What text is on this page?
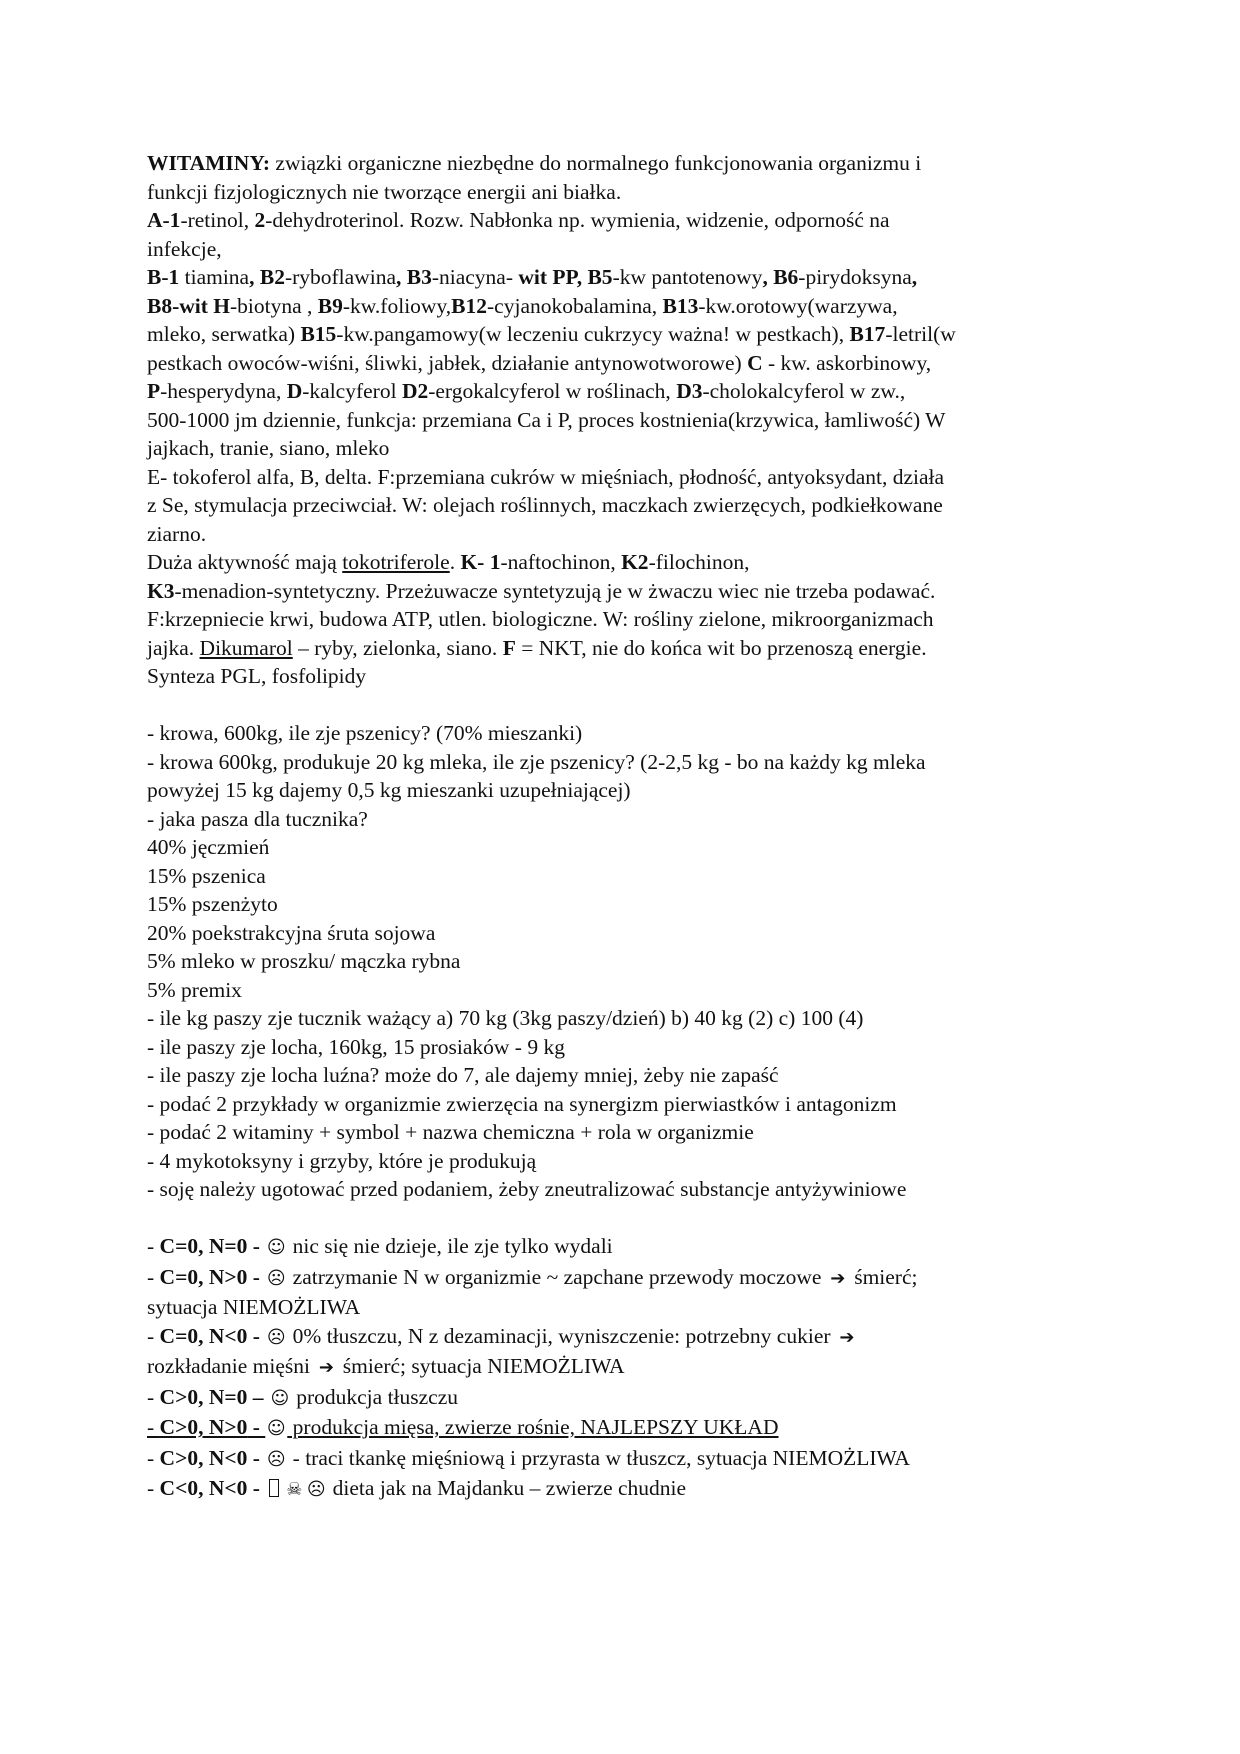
WITAMINY: związki organiczne niezbędne do normalnego funkcjonowania organizmu i
funkcji fizjologicznych nie tworzące energii ani białka.
A-1-retinol, 2-dehydroterinol. Rozw. Nabłonka np. wymienia, widzenie, odporność na
infekcje,
B-1 tiamina, B2-ryboflawina, B3-niacyna- wit PP, B5-kw pantotenowy, B6-pirydoksyna,
B8-wit H-biotyna , B9-kw.foliowy,B12-cyjanokobalamina, B13-kw.orotowy(warzywa,
mleko, serwatka) B15-kw.pangamowy(w leczeniu cukrzycy ważna! w pestkach), B17-letril(w
pestkach owoców-wiśni, śliwki, jabłek, działanie antynowotworowe) C - kw. askorbinowy,
P-hesperydyna, D-kalcyferol D2-ergokalcyferol w roślinach, D3-cholokalcyferol w zw.,
500-1000 jm dziennie, funkcja: przemiana Ca i P, proces kostnienia(krzywica, łamliwość) W
jajkach, tranie, siano, mleko
E- tokoferol alfa, B, delta. F:przemiana cukrów w mięśniach, płodność, antyoksydant, działa
z Se, stymulacja przeciwciał. W: olejach roślinnych, maczkach zwierzęcych, podkiełkowane
ziarno.
Duża aktywność mają tokotriferole. K- 1-naftochinon, K2-filochinon,
K3-menadion-syntetyczny. Przeżuwacze syntetyzują je w żwaczu wiec nie trzeba podawać.
F:krzepniecie krwi, budowa ATP, utlen. biologiczne. W: rośliny zielone, mikroorganizmach
jajka. Dikumarol – ryby, zielonka, siano. F = NKT, nie do końca wit bo przenoszą energie.
Synteza PGL, fosfolipidy
- krowa, 600kg, ile zje pszenicy? (70% mieszanki)
- krowa 600kg, produkuje 20 kg mleka, ile zje pszenicy? (2-2,5 kg - bo na każdy kg mleka
powyżej 15 kg dajemy 0,5 kg mieszanki uzupełniającej)
- jaka pasza dla tucznika?
40% jęczmień
15% pszenica
15% pszenżyto
20% poekstrakcyjna śruta sojowa
5% mleko w proszku/ mączka rybna
5% premix
- ile kg paszy zje tucznik ważący a) 70 kg (3kg paszy/dzień) b) 40 kg (2) c) 100 (4)
- ile paszy zje locha, 160kg, 15 prosiaków - 9 kg
- ile paszy zje locha luźna? może do 7, ale dajemy mniej, żeby nie zapaść
- podać 2 przykłady w organizmie zwierzęcia na synergizm pierwiastków i antagonizm
- podać 2 witaminy + symbol + nazwa chemiczna + rola w organizmie
- 4 mykotoksyny i grzyby, które je produkują
- soję należy ugotować przed podaniem, żeby zneutralizować substancje antyżywiniowe
- C=0, N=0 - ☺ nic się nie dzieje, ile zje tylko wydali
- C=0, N>0 - ☹ zatrzymanie N w organizmie ~ zapchane przewody moczowe ➔ śmierć;
sytuacja NIEMOŻLIWA
- C=0, N<0 - ☹ 0% tłuszczu, N z dezaminacji, wyniszczenie: potrzebny cukier ➔
rozkładanie mięśni ➔ śmierć; sytuacja NIEMOŻLIWA
- C>0, N=0 – ☺ produkcja tłuszczu
- C>0, N>0 - ☺ produkcja mięsa, zwierze rośnie, NAJLEPSZY UKŁAD
- C>0, N<0 - ☹ - traci tkankę mięśniową i przyrasta w tłuszcz, sytuacja NIEMOŻLIWA
- C<0, N<0 - ☠ ☹ dieta jak na Majdanku – zwierze chudnie
